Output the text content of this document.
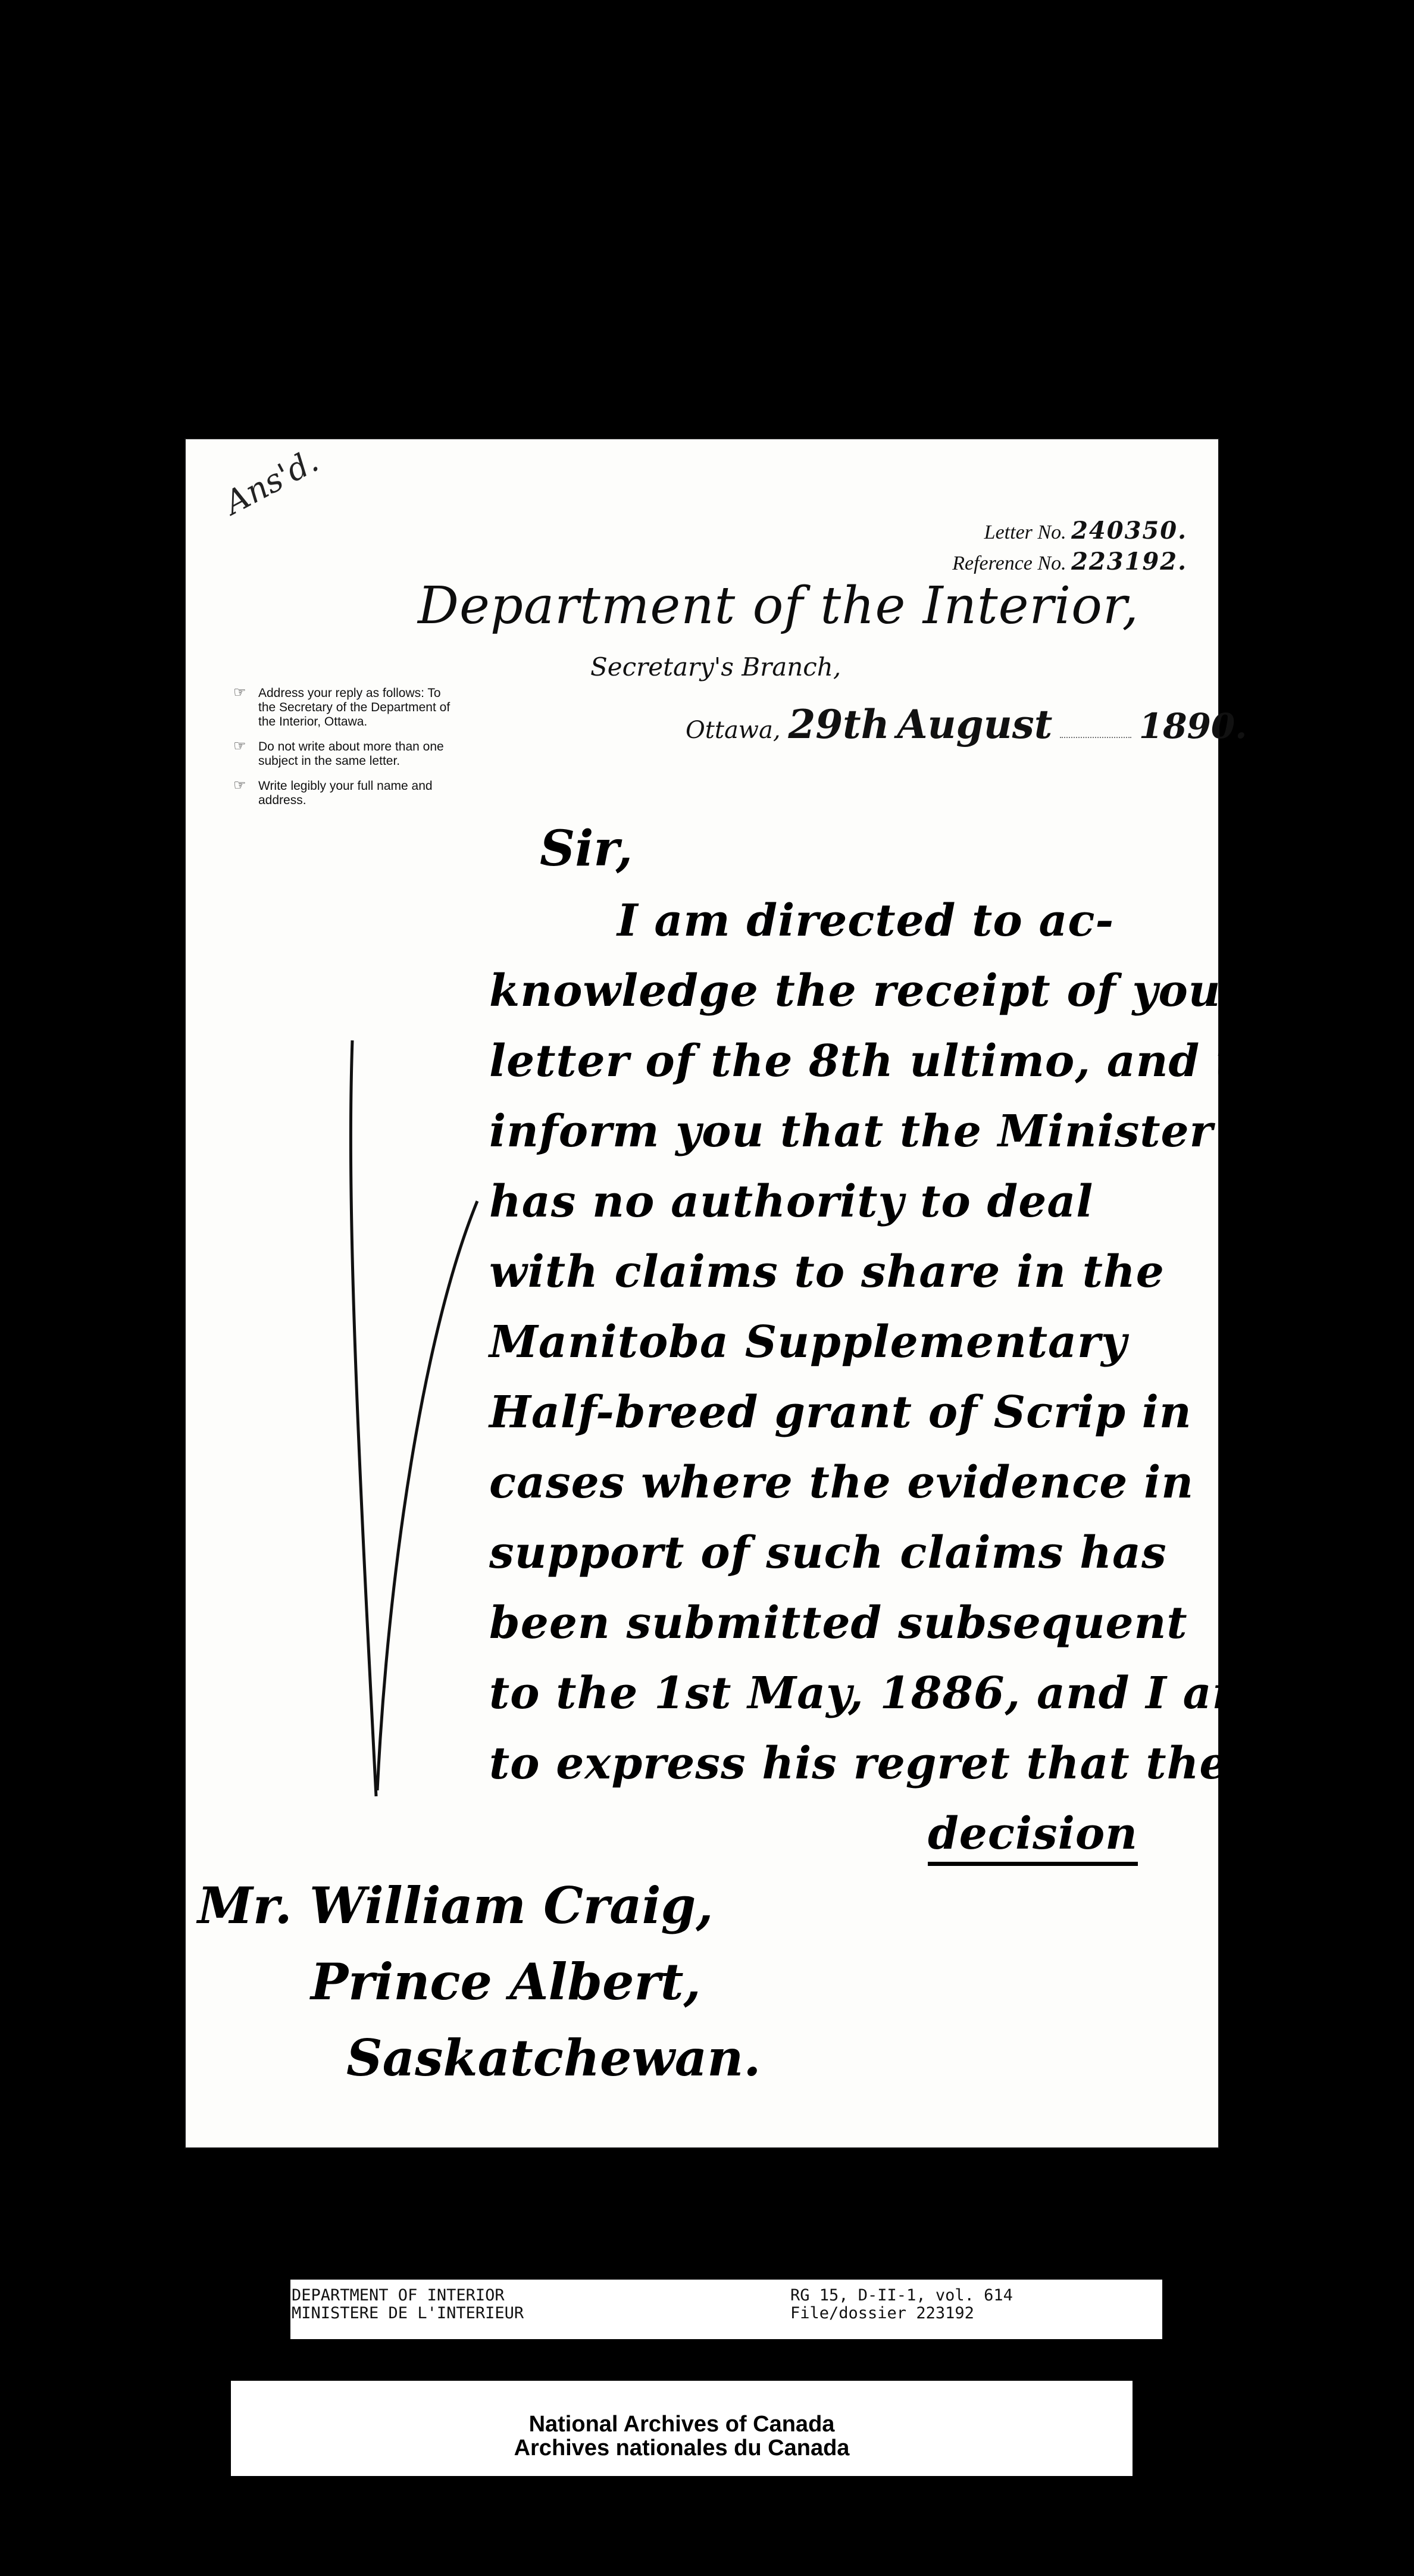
Ans'd.
Letter No. 240350.
Reference No. 223192.
Department of the Interior,
Secretary's Branch,
Ottawa, 29th August	1890.
☞ Address your reply as follows: To the Secretary of the Department of the Interior, Ottawa.
☞ Do not write about more than one subject in the same letter.
☞ Write legibly your full name and address.
Sir,
I am directed to ac-
knowledge the receipt of your
letter of the 8th ultimo, and to
inform you that the Minister
has no authority to deal
with claims to share in the
Manitoba Supplementary
Half-breed grant of Scrip in
cases where the evidence in
support of such claims has
been submitted subsequent
to the 1st May, 1886, and I am
to express his regret that the
decision
Mr. William Craig,
Prince Albert,
Saskatchewan.
DEPARTMENT OF INTERIOR
MINISTERE DE L'INTERIEUR
RG 15, D-II-1, vol. 614
File/dossier 223192
National Archives of Canada
Archives nationales du Canada
